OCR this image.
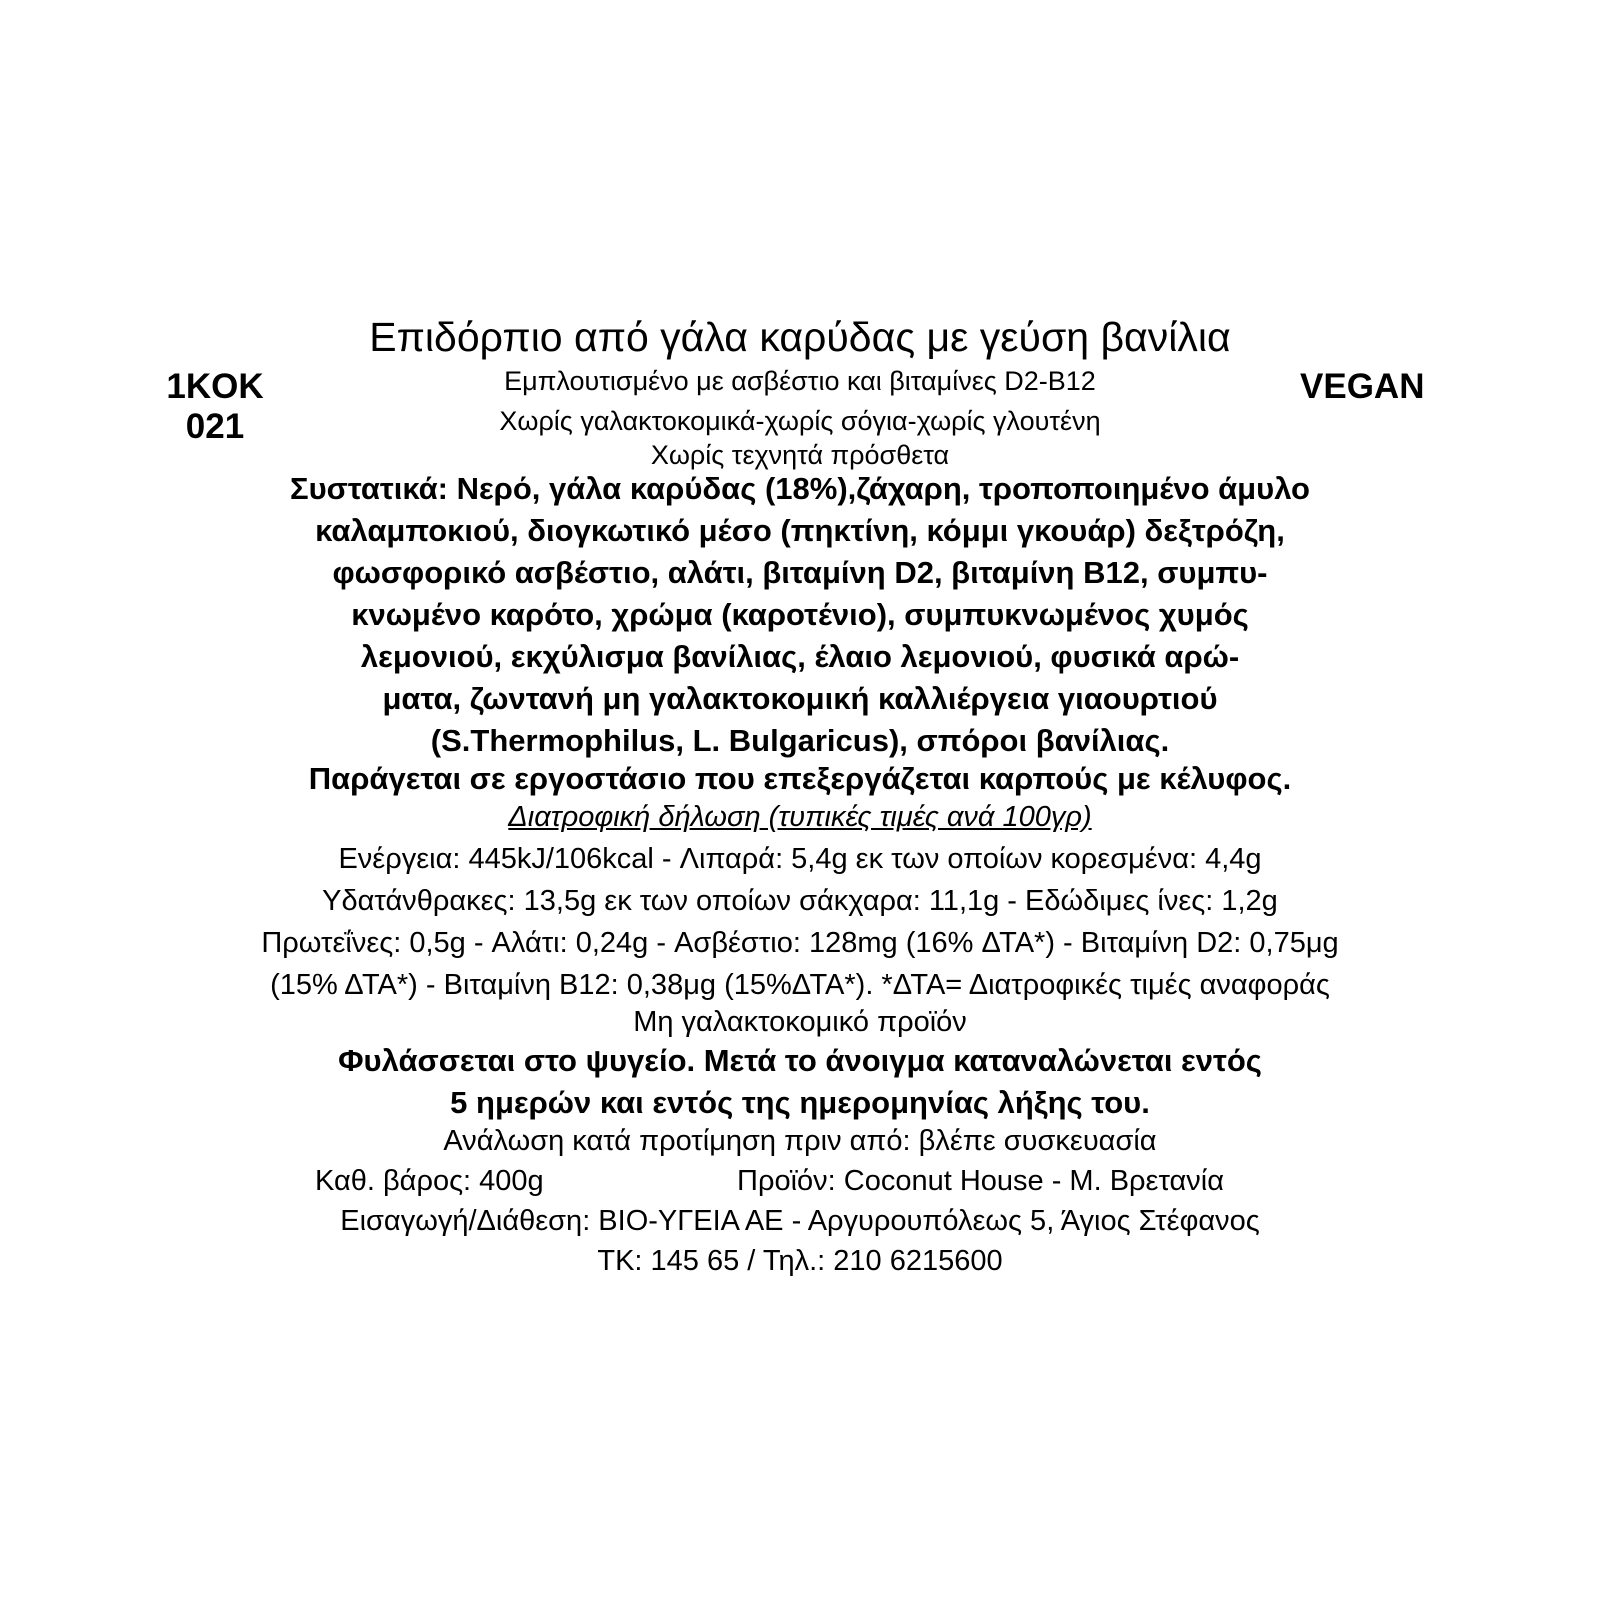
Επιδόρπιο από γάλα καρύδας με γεύση βανίλια
1KOK
021
VEGAN
Εμπλουτισμένο με ασβέστιο και βιταμίνες D2-B12
Χωρίς γαλακτοκομικά-χωρίς σόγια-χωρίς γλουτένη
Χωρίς τεχνητά πρόσθετα
Συστατικά: Νερό, γάλα καρύδας (18%),ζάχαρη, τροποποιημένο άμυλο
καλαμποκιού, διογκωτικό μέσο (πηκτίνη, κόμμι γκουάρ) δεξτρόζη,
φωσφορικό ασβέστιο, αλάτι, βιταμίνη D2, βιταμίνη B12, συμπυ-
κνωμένο καρότο, χρώμα (καροτένιο), συμπυκνωμένος χυμός
λεμονιού, εκχύλισμα βανίλιας, έλαιο λεμονιού, φυσικά αρώ-
ματα, ζωντανή μη γαλακτοκομική καλλιέργεια γιαουρτιού
(S.Thermophilus, L. Bulgaricus), σπόροι βανίλιας.
Παράγεται σε εργοστάσιο που επεξεργάζεται καρπούς με κέλυφος.
Διατροφική δήλωση (τυπικές τιμές ανά 100γρ)
Ενέργεια: 445kJ/106kcal - Λιπαρά: 5,4g εκ των οποίων κορεσμένα: 4,4g
Υδατάνθρακες: 13,5g εκ των οποίων σάκχαρα: 11,1g - Εδώδιμες ίνες: 1,2g
Πρωτεΐνες: 0,5g - Αλάτι: 0,24g - Ασβέστιο: 128mg (16% ΔΤΑ*) - Βιταμίνη D2: 0,75μg
(15% ΔΤΑ*) - Βιταμίνη B12: 0,38μg (15%ΔΤΑ*). *ΔΤΑ= Διατροφικές τιμές αναφοράς
Μη γαλακτοκομικό προϊόν
Φυλάσσεται στο ψυγείο. Μετά το άνοιγμα καταναλώνεται εντός
5 ημερών και εντός της ημερομηνίας λήξης του.
Ανάλωση κατά προτίμηση πριν από: βλέπε συσκευασία
Καθ. βάρος: 400g	Προϊόν: Coconut House - Μ. Βρετανία
Εισαγωγή/Διάθεση: ΒΙΟ-ΥΓΕΙΑ ΑΕ - Αργυρουπόλεως 5, Άγιος Στέφανος
ΤΚ: 145 65 / Τηλ.: 210 6215600
